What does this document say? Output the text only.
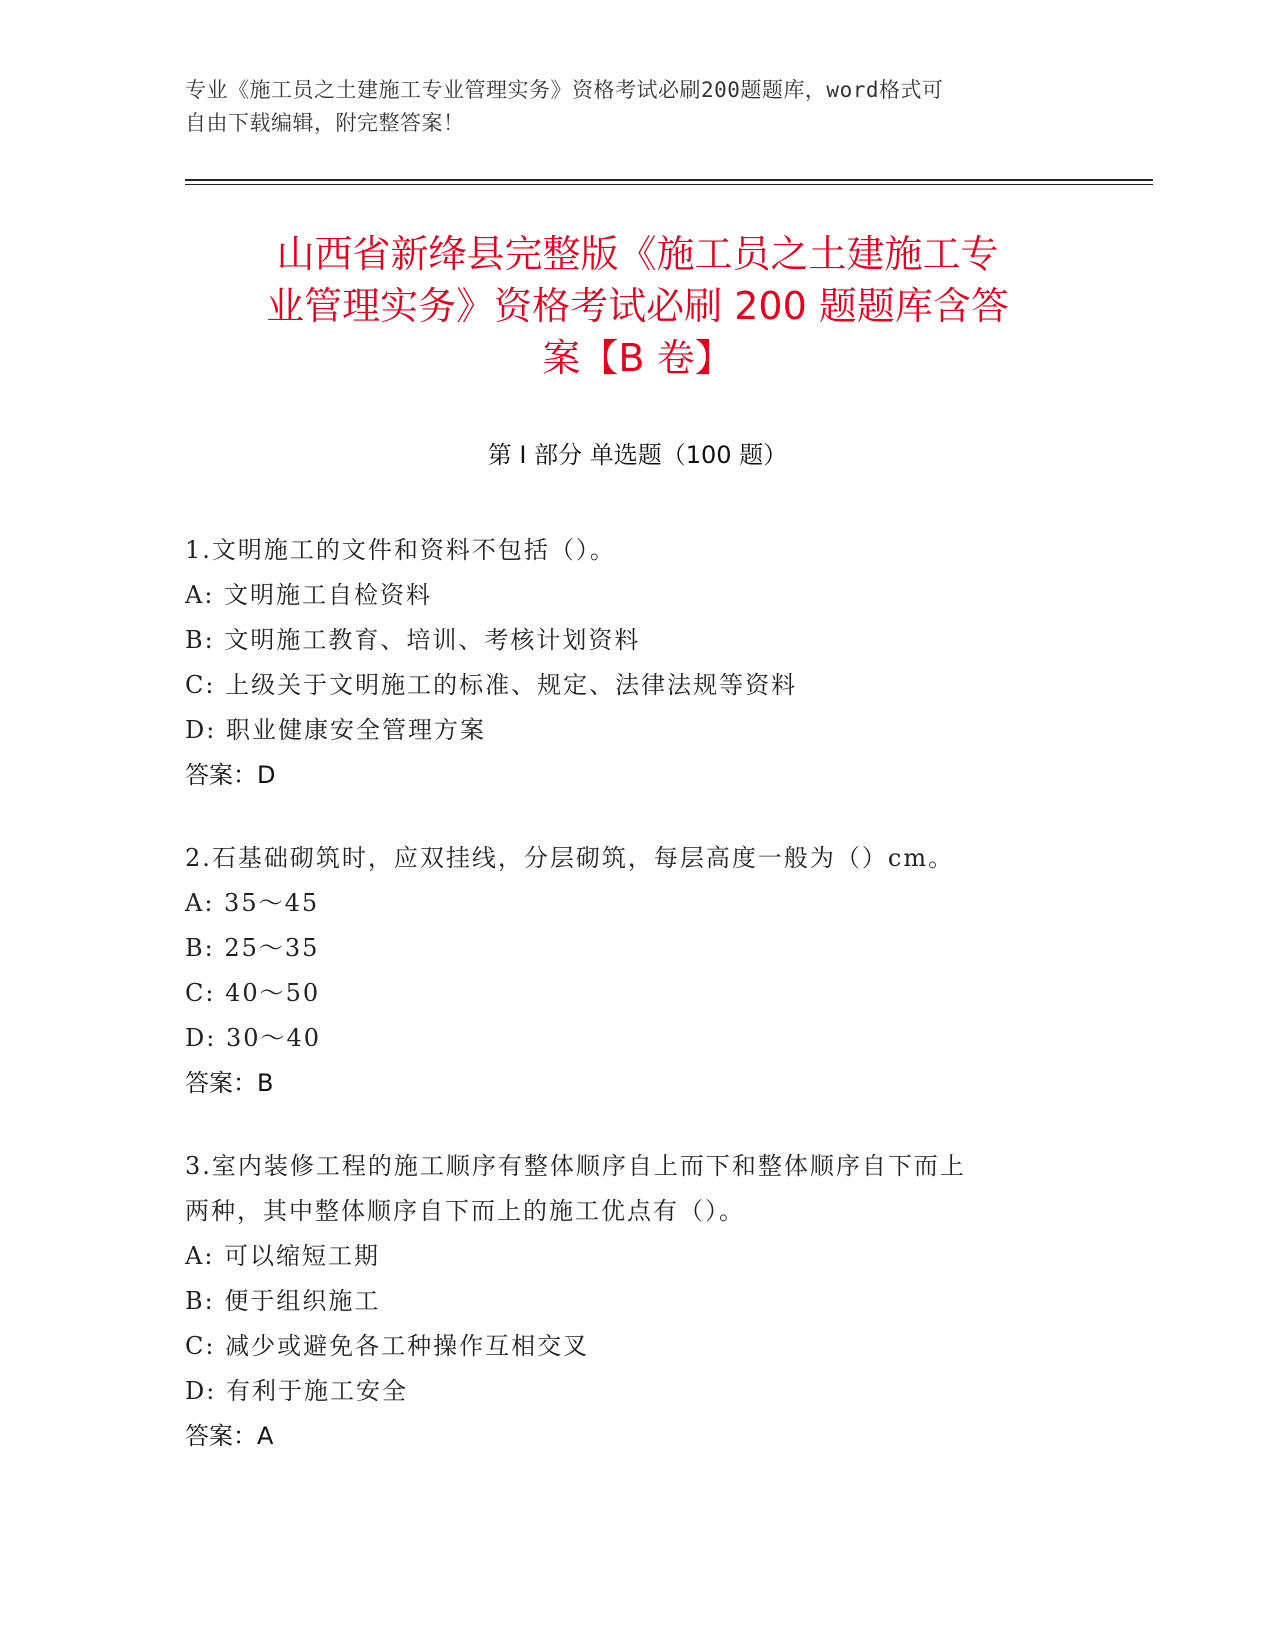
专业《施工员之土建施工专业管理实务》资格考试必刷200题题库，word格式可
自由下载编辑，附完整答案！
山西省新绛县完整版《施工员之土建施工专
业管理实务》资格考试必刷 200 题题库含答
案【B 卷】
第 I 部分 单选题（100 题）

1.文明施工的文件和资料不包括（）。

A: 文明施工自检资料

B: 文明施工教育、培训、考核计划资料

C: 上级关于文明施工的标准、规定、法律法规等资料

D: 职业健康安全管理方案

答案：D

2.石基础砌筑时，应双挂线，分层砌筑，每层高度一般为（）cm。

A: 35～45

B: 25～35

C: 40～50

D: 30～40

答案：B

3.室内装修工程的施工顺序有整体顺序自上而下和整体顺序自下而上

两种，其中整体顺序自下而上的施工优点有（）。

A: 可以缩短工期

B: 便于组织施工

C: 减少或避免各工种操作互相交叉

D: 有利于施工安全

答案：A
